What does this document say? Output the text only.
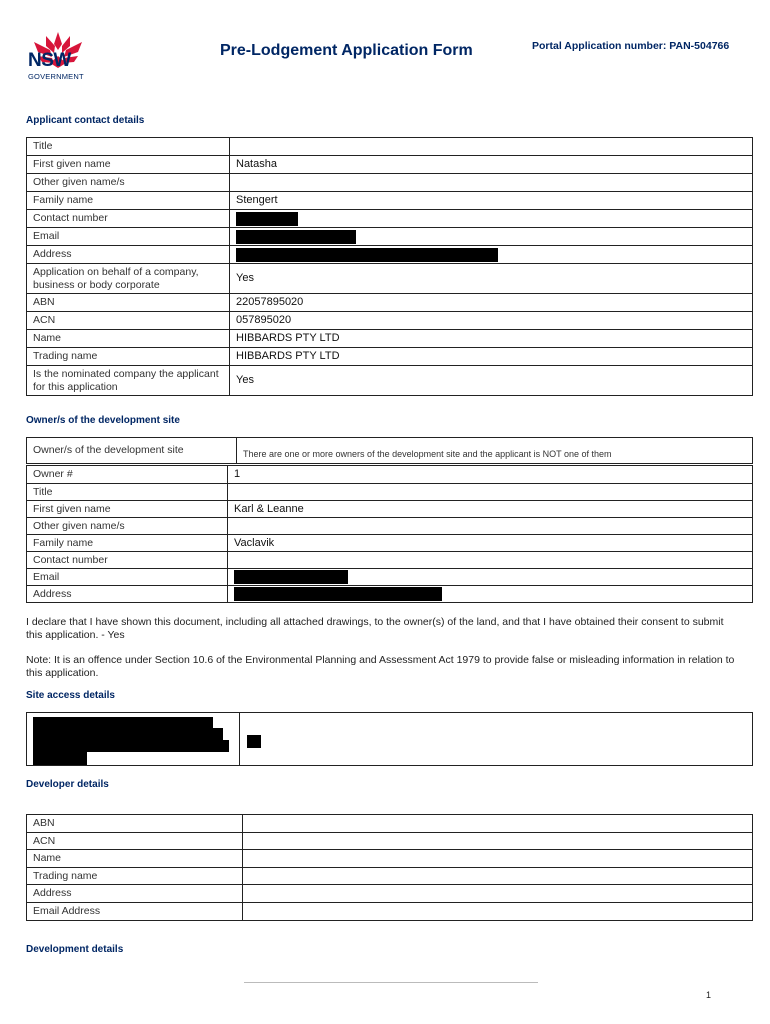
NSW
GOVERNMENT
Pre-Lodgement Application Form	Portal Application number: PAN-504766
Applicant contact details
Title	
First given name	Natasha
Other given name/s	
Family name	Stengert
Contact number	
Email	
Address	
Application on behalf of a company, business or body corporate	Yes
ABN	22057895020
ACN	057895020
Name	HIBBARDS PTY LTD
Trading name	HIBBARDS PTY LTD
Is the nominated company the applicant for this application	Yes
Owner/s of the development site
Owner/s of the development site	There are one or more owners of the development site and the applicant is NOT one of them
Owner #	1
Title	
First given name	Karl & Leanne
Other given name/s	
Family name	Vaclavik
Contact number	
Email	
Address	
I declare that I have shown this document, including all attached drawings, to the owner(s) of the land, and that I have obtained their consent to submit this application. - Yes
Note: It is an offence under Section 10.6 of the Environmental Planning and Assessment Act 1979 to provide false or misleading information in relation to this application.
Site access details
Developer details
ABN	
ACN	
Name	
Trading name	
Address	
Email Address	
Development details
1
